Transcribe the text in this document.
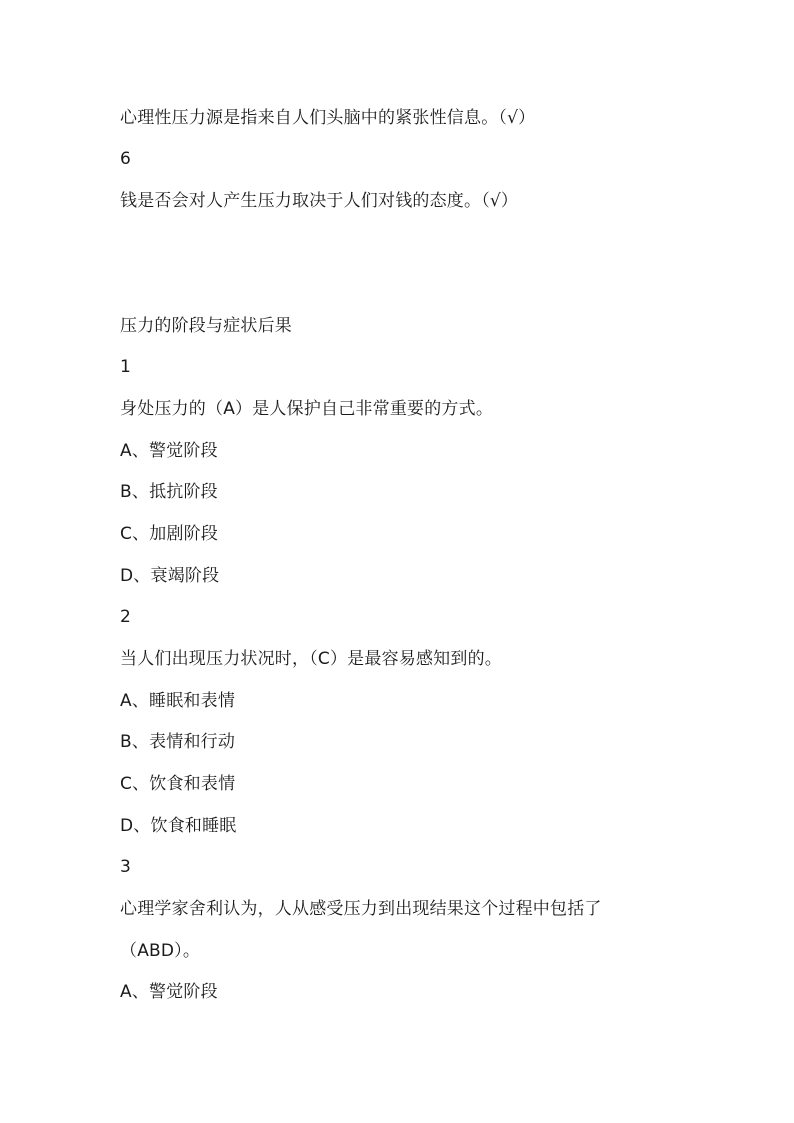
心理性压力源是指来自人们头脑中的紧张性信息。（√）
6
钱是否会对人产生压力取决于人们对钱的态度。（√）
压力的阶段与症状后果
1
身处压力的（A）是人保护自己非常重要的方式。
A、警觉阶段
B、抵抗阶段
C、加剧阶段
D、衰竭阶段
2
当人们出现压力状况时，（C）是最容易感知到的。
A、睡眠和表情
B、表情和行动
C、饮食和表情
D、饮食和睡眠
3
心理学家舍利认为，人从感受压力到出现结果这个过程中包括了
（ABD）。
A、警觉阶段
